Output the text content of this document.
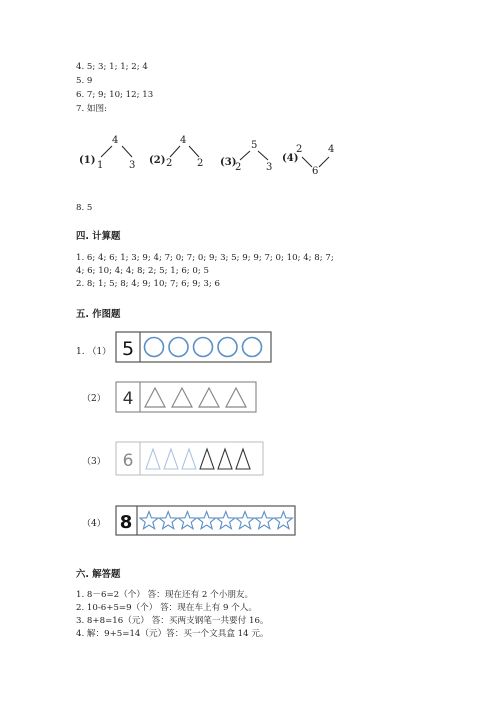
4. 5; 3; 1; 1; 2; 4
5. 9
6. 7; 9; 10; 12; 13
7. 如图:
(1)
4
1	3 (2)
4
2 2 (3)
5
2 3
(4)
4
2
6
8. 5
四. 计算题
1. 6; 4; 6; 1; 3; 9; 4; 7; 0; 7; 0; 9; 3; 5; 9; 9; 7; 0; 10; 4; 8; 7;
4; 6; 10; 4; 4; 8; 2; 5; 1; 6; 0; 5
2. 8; 1; 5; 8; 4; 9; 10; 7; 6; 9; 3; 6
五. 作图题
1. （1）
（2）
（3）
（4）
5
4
6
8
六. 解答题
1. 8－6=2（个） 答：现在还有 2 个小朋友。
2. 10-6+5=9（个） 答：现在车上有 9 个人。
3. 8+8=16（元） 答：买两支钢笔一共要付 16。
4. 解：9+5=14（元）答：买一个文具盒 14 元。
